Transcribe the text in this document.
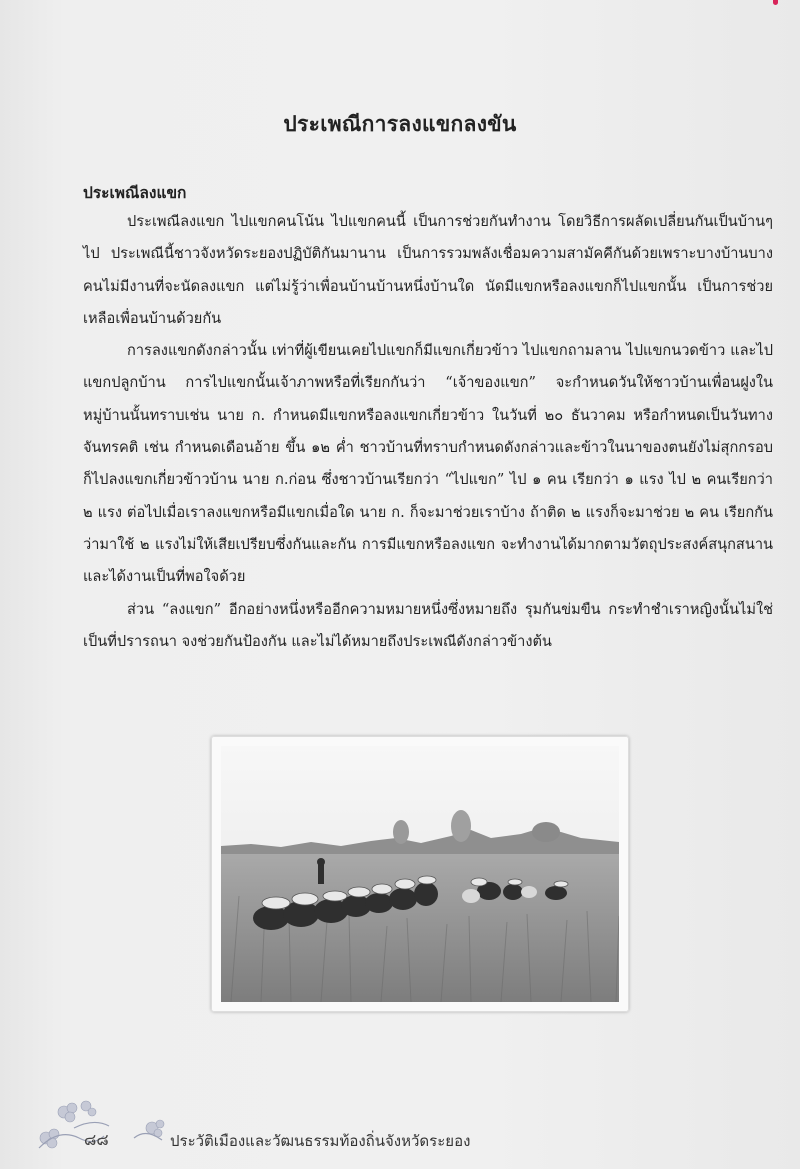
ประเพณีการลงแขกลงขัน
ประเพณีลงแขก

ประเพณีลงแขก ไปแขกคนโน้น ไปแขกคนนี้ เป็นการช่วยกันทำงาน โดยวิธีการผลัดเปลี่ยนกันเป็นบ้านๆ ไป ประเพณีนี้ชาวจังหวัดระยองปฏิบัติกันมานาน เป็นการรวมพลังเชื่อมความสามัคคีกันด้วยเพราะบางบ้านบางคนไม่มีงานที่จะนัดลงแขก แต่ไม่รู้ว่าเพื่อนบ้านบ้านหนึ่งบ้านใด นัดมีแขกหรือลงแขกก็ไปแขกนั้น เป็นการช่วยเหลือเพื่อนบ้านด้วยกัน

การลงแขกดังกล่าวนั้น เท่าที่ผู้เขียนเคยไปแขกก็มีแขกเกี่ยวข้าว ไปแขกถามลาน ไปแขกนวดข้าว และไปแขกปลูกบ้าน การไปแขกนั้นเจ้าภาพหรือที่เรียกกันว่า “เจ้าของแขก” จะกำหนดวันให้ชาวบ้านเพื่อนฝูงในหมู่บ้านนั้นทราบเช่น นาย ก. กำหนดมีแขกหรือลงแขกเกี่ยวข้าว ในวันที่ ๒๐ ธันวาคม หรือกำหนดเป็นวันทางจันทรคติ เช่น กำหนดเดือนอ้าย ขึ้น ๑๒ ค่ำ ชาวบ้านที่ทราบกำหนดดังกล่าวและข้าวในนาของตนยังไม่สุกกรอบ ก็ไปลงแขกเกี่ยวข้าวบ้าน นาย ก.ก่อน ซึ่งชาวบ้านเรียกว่า “ไปแขก” ไป ๑ คน เรียกว่า ๑ แรง ไป ๒ คนเรียกว่า ๒ แรง ต่อไปเมื่อเราลงแขกหรือมีแขกเมื่อใด นาย ก. ก็จะมาช่วยเราบ้าง ถ้าติด ๒ แรงก็จะมาช่วย ๒ คน เรียกกันว่ามาใช้ ๒ แรงไม่ให้เสียเปรียบซึ่งกันและกัน การมีแขกหรือลงแขก จะทำงานได้มากตามวัตถุประสงค์สนุกสนานและได้งานเป็นที่พอใจด้วย

ส่วน “ลงแขก” อีกอย่างหนึ่งหรืออีกความหมายหนึ่งซึ่งหมายถึง รุมกันข่มขืน กระทำชำเราหญิงนั้นไม่ใช่เป็นที่ปรารถนา จงช่วยกันป้องกัน และไม่ได้หมายถึงประเพณีดังกล่าวข้างต้น

๘๘	ประวัติเมืองและวัฒนธรรมท้องถิ่นจังหวัดระยอง
